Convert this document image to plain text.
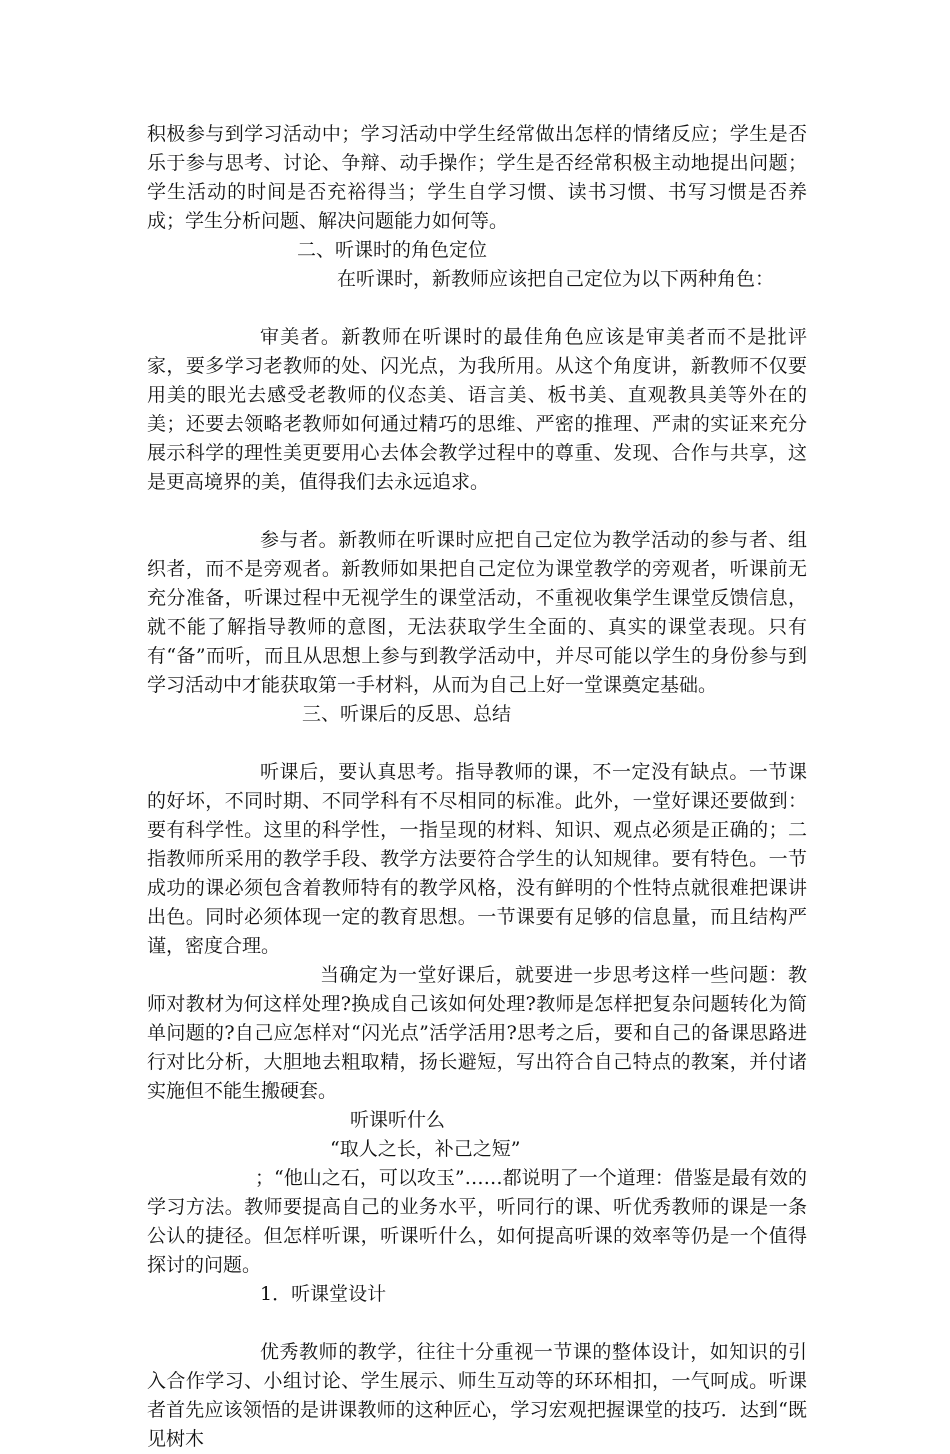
积极参与到学习活动中；学习活动中学生经常做出怎样的情绪反应；学生是否乐于参与思考、讨论、争辩、动手操作；学生是否经常积极主动地提出问题；学生活动的时间是否充裕得当；学生自学习惯、读书习惯、书写习惯是否养成；学生分析问题、解决问题能力如何等。

二、听课时的角色定位

在听课时，新教师应该把自己定位为以下两种角色：

审美者。新教师在听课时的最佳角色应该是审美者而不是批评家，要多学习老教师的处、闪光点，为我所用。从这个角度讲，新教师不仅要用美的眼光去感受老教师的仪态美、语言美、板书美、直观教具美等外在的美；还要去领略老教师如何通过精巧的思维、严密的推理、严肃的实证来充分展示科学的理性美更要用心去体会教学过程中的尊重、发现、合作与共享，这是更高境界的美，值得我们去永远追求。

参与者。新教师在听课时应把自己定位为教学活动的参与者、组织者，而不是旁观者。新教师如果把自己定位为课堂教学的旁观者，听课前无充分准备，听课过程中无视学生的课堂活动，不重视收集学生课堂反馈信息，就不能了解指导教师的意图，无法获取学生全面的、真实的课堂表现。只有有“备”而听，而且从思想上参与到教学活动中，并尽可能以学生的身份参与到学习活动中才能获取第一手材料，从而为自己上好一堂课奠定基础。

三、听课后的反思、总结

听课后，要认真思考。指导教师的课，不一定没有缺点。一节课的好坏，不同时期、不同学科有不尽相同的标准。此外，一堂好课还要做到：要有科学性。这里的科学性，一指呈现的材料、知识、观点必须是正确的；二指教师所采用的教学手段、教学方法要符合学生的认知规律。要有特色。一节成功的课必须包含着教师特有的教学风格，没有鲜明的个性特点就很难把课讲出色。同时必须体现一定的教育思想。一节课要有足够的信息量，而且结构严谨，密度合理。

当确定为一堂好课后，就要进一步思考这样一些问题：教师对教材为何这样处理?换成自己该如何处理?教师是怎样把复杂问题转化为简单问题的?自己应怎样对“闪光点”活学活用?思考之后，要和自己的备课思路进行对比分析，大胆地去粗取精，扬长避短，写出符合自己特点的教案，并付诸实施但不能生搬硬套。

听课听什么

“取人之长，补己之短”

；“他山之石，可以攻玉”……都说明了一个道理：借鉴是最有效的学习方法。教师要提高自己的业务水平，听同行的课、听优秀教师的课是一条公认的捷径。但怎样听课，听课听什么，如何提高听课的效率等仍是一个值得探讨的问题。

1．听课堂设计

优秀教师的教学，往往十分重视一节课的整体设计，如知识的引入合作学习、小组讨论、学生展示、师生互动等的环环相扣，一气呵成。听课者首先应该领悟的是讲课教师的这种匠心，学习宏观把握课堂的技巧．达到“既见树木
